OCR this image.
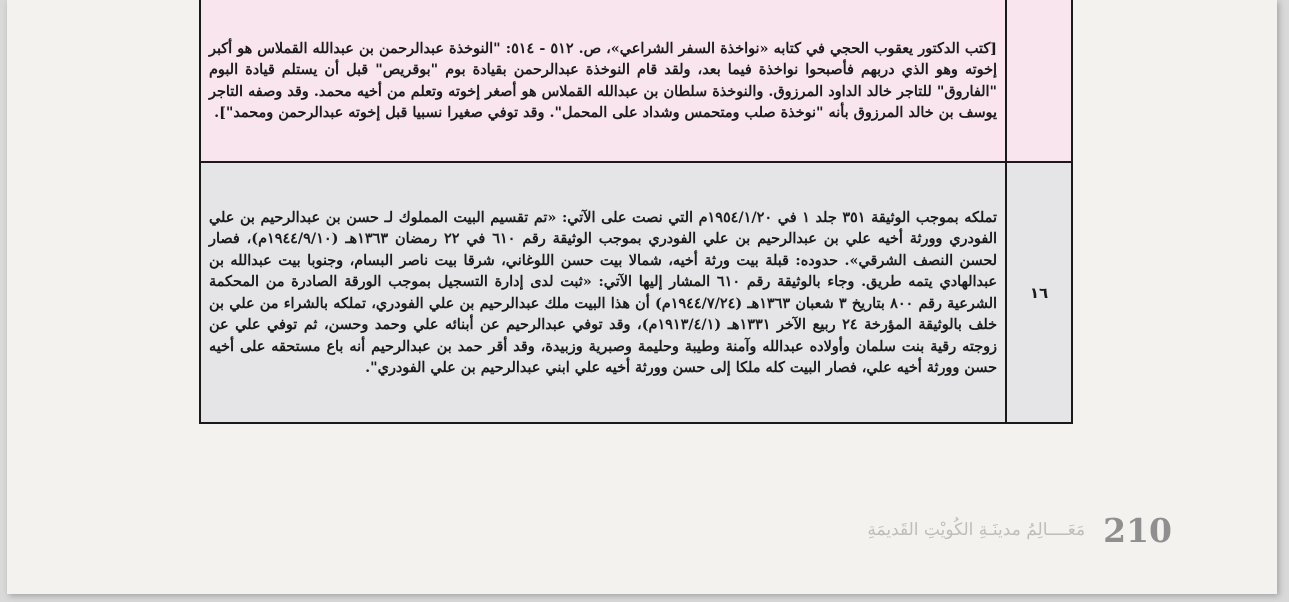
	[كتب الدكتور يعقوب الحجي في كتابه «نواخذة السفر الشراعي»، ص. ٥١٢ - ٥١٤: "النوخذة عبدالرحمن بن عبدالله القملاس هو أكبر إخوته وهو الذي دربهم فأصبحوا نواخذة فيما بعد، ولقد قام النوخذة عبدالرحمن بقيادة بوم "بوقريص" قبل أن يستلم قيادة البوم "الفاروق" للتاجر خالد الداود المرزوق. والنوخذة سلطان بن عبدالله القملاس هو أصغر إخوته وتعلم من أخيه محمد. وقد وصفه التاجر يوسف بن خالد المرزوق بأنه "نوخذة صلب ومتحمس وشداد على المحمل". وقد توفي صغيرا نسبيا قبل إخوته عبدالرحمن ومحمد"].
١٦	تملكه بموجب الوثيقة ٣٥١ جلد ١ في ١٩٥٤/١/٢٠م التي نصت على الآتي: «تم تقسيم البيت المملوك لـ حسن بن عبدالرحيم بن علي الفودري وورثة أخيه علي بن عبدالرحيم بن علي الفودري بموجب الوثيقة رقم ٦١٠ في ٢٢ رمضان ١٣٦٣هـ (١٩٤٤/٩/١٠م)، فصار لحسن النصف الشرقي». حدوده: قبلة بيت ورثة أخيه، شمالا بيت حسن اللوغاني، شرقا بيت ناصر البسام، وجنوبا بيت عبدالله بن عبدالهادي يتمه طريق. وجاء بالوثيقة رقم ٦١٠ المشار إليها الآتي: «ثبت لدى إدارة التسجيل بموجب الورقة الصادرة من المحكمة الشرعية رقم ٨٠٠ بتاريخ ٣ شعبان ١٣٦٣هـ (١٩٤٤/٧/٢٤م) أن هذا البيت ملك عبدالرحيم بن علي الفودري، تملكه بالشراء من علي بن خلف بالوثيقة المؤرخة ٢٤ ربيع الآخر ١٣٣١هـ (١٩١٣/٤/١م)، وقد توفي عبدالرحيم عن أبنائه علي وحمد وحسن، ثم توفي علي عن زوجته رقية بنت سلمان وأولاده عبدالله وآمنة وطيبة وحليمة وصبرية وزبيدة، وقد أقر حمد بن عبدالرحيم أنه باع مستحقه على أخيه حسن وورثة أخيه علي، فصار البيت كله ملكا إلى حسن وورثة أخيه علي ابني عبدالرحيم بن علي الفودري".
210
مَعَــــالِمُ مدينَـةِ الكُويْتِ القَديمَةِ
